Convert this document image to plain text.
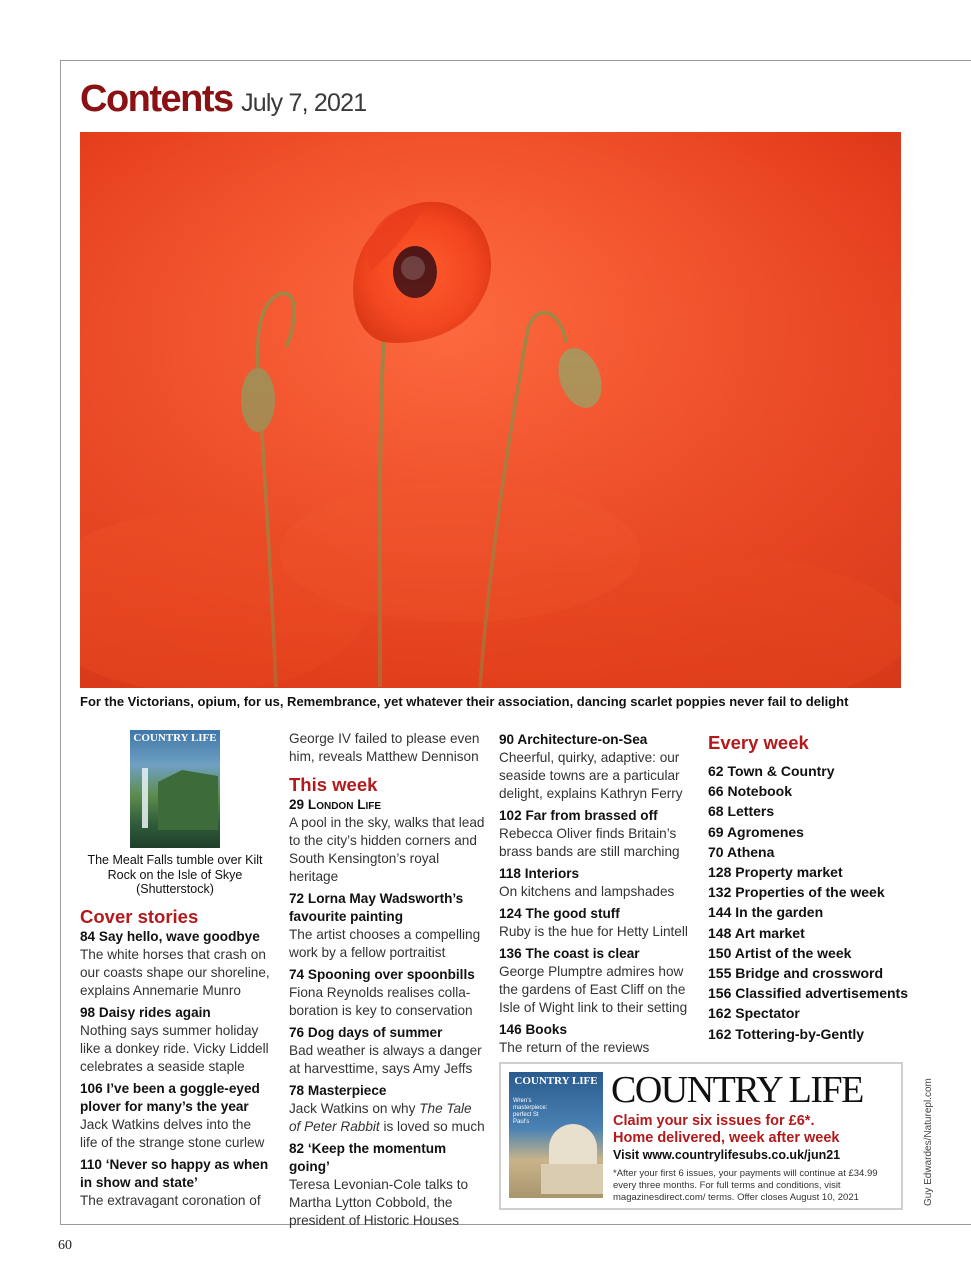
Contents July 7, 2021
For the Victorians, opium, for us, Remembrance, yet whatever their association, dancing scarlet poppies never fail to delight
COUNTRY LIFE
The Mealt Falls tumble over Kilt Rock on the Isle of Skye (Shutterstock)

Cover stories

84 Say hello, wave goodbye

The white horses that crash on our coasts shape our shoreline, explains Annemarie Munro

98 Daisy rides again

Nothing says summer holiday like a donkey ride. Vicky Liddell celebrates a seaside staple

106 I’ve been a goggle-eyed plover for many’s the year

Jack Watkins delves into the life of the strange stone curlew

110 ‘Never so happy as when in show and state’

The extravagant coronation of

George IV failed to please even him, reveals Matthew Dennison

This week

29 London Life

A pool in the sky, walks that lead to the city’s hidden corners and South Kensington’s royal heritage

72 Lorna May Wadsworth’s favourite painting

The artist chooses a compelling work by a fellow portraitist

74 Spooning over spoonbills

Fiona Reynolds realises colla-boration is key to conservation

76 Dog days of summer

Bad weather is always a danger at harvesttime, says Amy Jeffs

78 Masterpiece

Jack Watkins on why The Tale of Peter Rabbit is loved so much

82 ‘Keep the momentum going’

Teresa Levonian-Cole talks to Martha Lytton Cobbold, the president of Historic Houses

90 Architecture-on-Sea

Cheerful, quirky, adaptive: our seaside towns are a particular delight, explains Kathryn Ferry

102 Far from brassed off

Rebecca Oliver finds Britain’s brass bands are still marching

118 Interiors

On kitchens and lampshades

124 The good stuff

Ruby is the hue for Hetty Lintell

136 The coast is clear

George Plumptre admires how the gardens of East Cliff on the Isle of Wight link to their setting

146 Books

The return of the reviews

Every week

62 Town & Country
66 Notebook
68 Letters
69 Agromenes
70 Athena
128 Property market
132 Properties of the week
144 In the garden
148 Art market
150 Artist of the week
155 Bridge and crossword
156 Classified advertisements
162 Spectator
162 Tottering-by-Gently
COUNTRY LIFE
Wren’s masterpiece: perfect St Paul’s
COUNTRY LIFE
Claim your six issues for £6*.
Home delivered, week after week
Visit www.countrylifesubs.co.uk/jun21
*After your first 6 issues, your payments will continue at £34.99 every three months. For full terms and conditions, visit magazinesdirect.com/ terms. Offer closes August 10, 2021	Guy Edwardes/Naturepl.com
60
